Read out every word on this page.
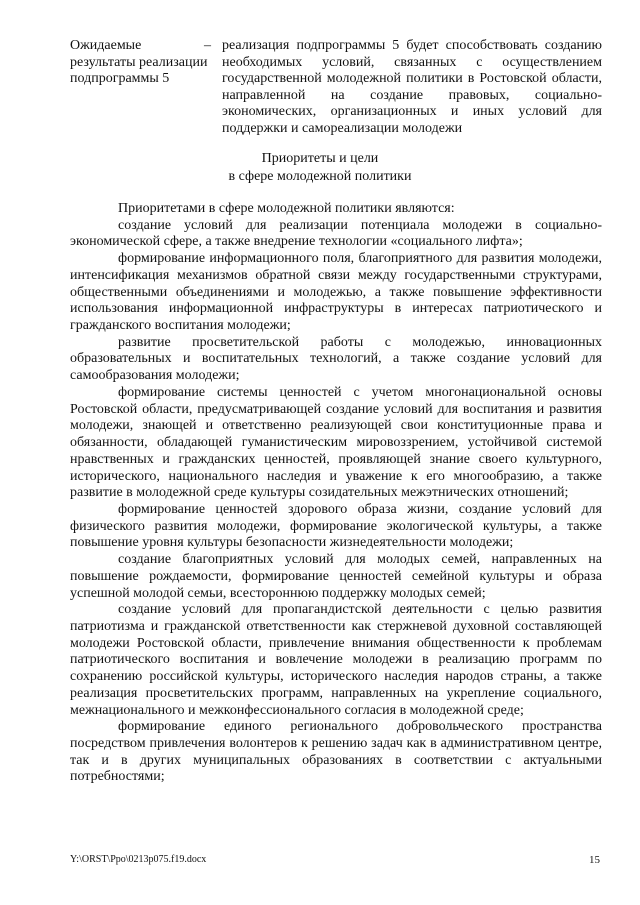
Ожидаемые результаты реализации подпрограммы 5
– реализация подпрограммы 5 будет способствовать созданию необходимых условий, связанных с осуществлением государственной молодежной политики в Ростовской области, направленной на создание правовых, социально-экономических, организационных и иных условий для поддержки и самореализации молодежи
Приоритеты и цели
в сфере молодежной политики

Приоритетами в сфере молодежной политики являются:

создание условий для реализации потенциала молодежи в социально-экономической сфере, а также внедрение технологии «социального лифта»;

формирование информационного поля, благоприятного для развития молодежи, интенсификация механизмов обратной связи между государственными структурами, общественными объединениями и молодежью, а также повышение эффективности использования информационной инфраструктуры в интересах патриотического и гражданского воспитания молодежи;

развитие просветительской работы с молодежью, инновационных образовательных и воспитательных технологий, а также создание условий для самообразования молодежи;

формирование системы ценностей с учетом многонациональной основы Ростовской области, предусматривающей создание условий для воспитания и развития молодежи, знающей и ответственно реализующей свои конституционные права и обязанности, обладающей гуманистическим мировоззрением, устойчивой системой нравственных и гражданских ценностей, проявляющей знание своего культурного, исторического, национального наследия и уважение к его многообразию, а также развитие в молодежной среде культуры созидательных межэтнических отношений;

формирование ценностей здорового образа жизни, создание условий для физического развития молодежи, формирование экологической культуры, а также повышение уровня культуры безопасности жизнедеятельности молодежи;

создание благоприятных условий для молодых семей, направленных на повышение рождаемости, формирование ценностей семейной культуры и образа успешной молодой семьи, всестороннюю поддержку молодых семей;

создание условий для пропагандистской деятельности с целью развития патриотизма и гражданской ответственности как стержневой духовной составляющей молодежи Ростовской области, привлечение внимания общественности к проблемам патриотического воспитания и вовлечение молодежи в реализацию программ по сохранению российской культуры, исторического наследия народов страны, а также реализация просветительских программ, направленных на укрепление социального, межнационального и межконфессионального согласия в молодежной среде;

формирование единого регионального добровольческого пространства посредством привлечения волонтеров к решению задач как в административном центре, так и в других муниципальных образованиях в соответствии с актуальными потребностями;

Y:\ORST\Ppo\0213p075.f19.docx	15
